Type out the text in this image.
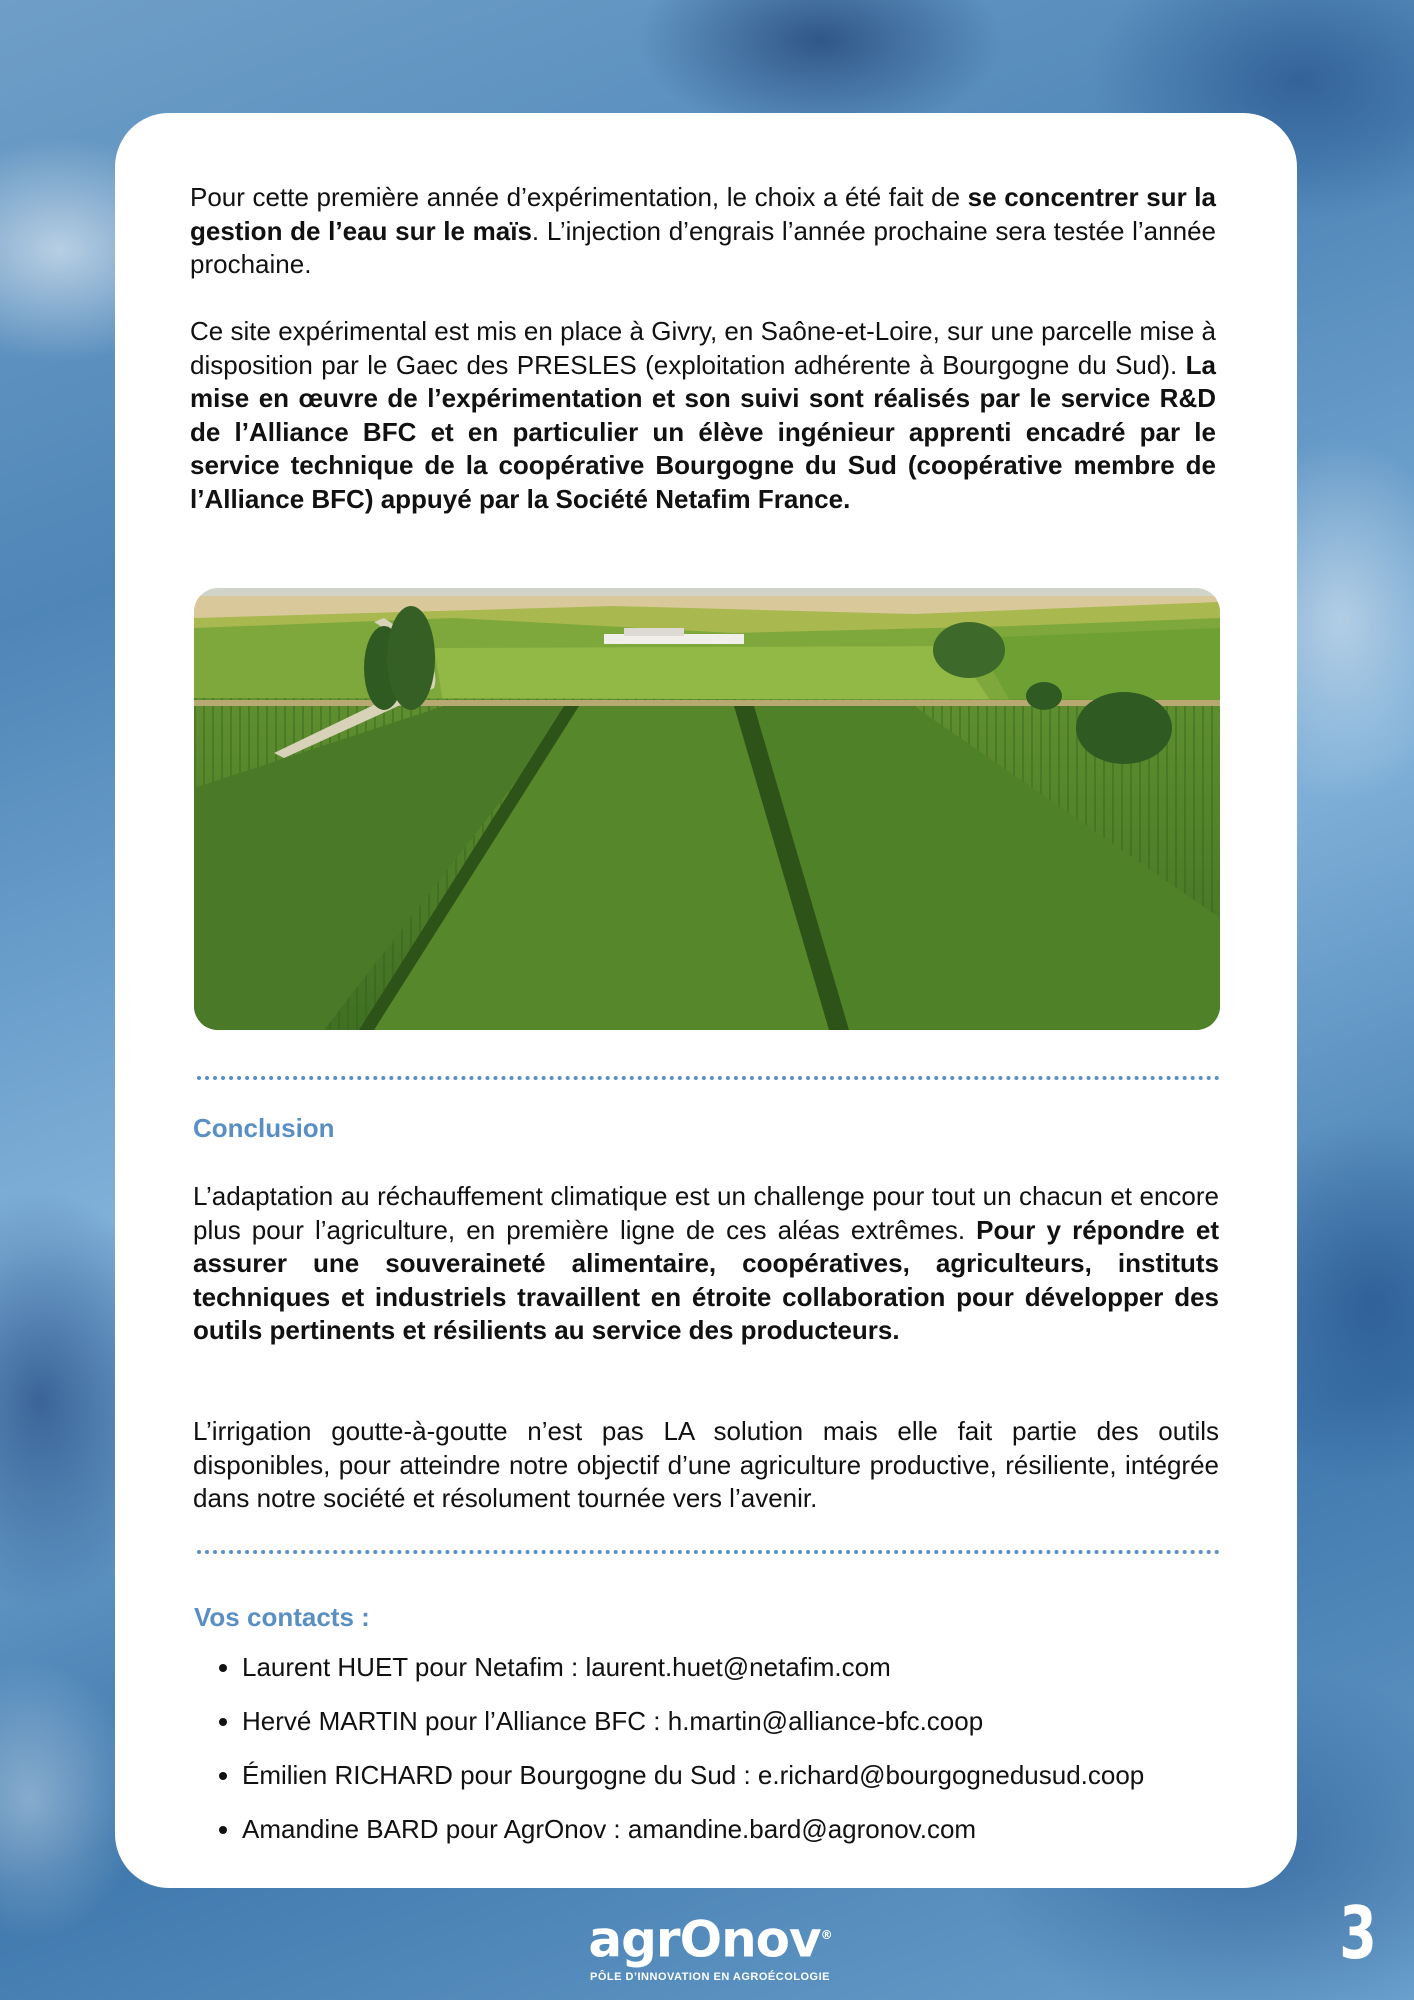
Pour cette première année d’expérimentation, le choix a été fait de se concentrer sur la gestion de l’eau sur le maïs. L’injection d’engrais l’année prochaine sera testée l’année prochaine.

Ce site expérimental est mis en place à Givry, en Saône-et-Loire, sur une parcelle mise à disposition par le Gaec des PRESLES (exploitation adhérente à Bourgogne du Sud). La mise en œuvre de l’expérimentation et son suivi sont réalisés par le service R&D de l’Alliance BFC et en particulier un élève ingénieur apprenti encadré par le service technique de la coopérative Bourgogne du Sud (coopérative membre de l’Alliance BFC) appuyé par la Société Netafim France.

Conclusion

L’adaptation au réchauffement climatique est un challenge pour tout un chacun et encore plus pour l’agriculture, en première ligne de ces aléas extrêmes. Pour y répondre et assurer une souveraineté alimentaire, coopératives, agriculteurs, instituts techniques et industriels travaillent en étroite collaboration pour développer des outils pertinents et résilients au service des producteurs.

L’irrigation goutte-à-goutte n’est pas LA solution mais elle fait partie des outils disponibles, pour atteindre notre objectif d’une agriculture productive, résiliente, intégrée dans notre société et résolument tournée vers l’avenir.

Vos contacts :
• Laurent HUET pour Netafim : laurent.huet@netafim.com
• Hervé MARTIN pour l’Alliance BFC : h.martin@alliance-bfc.coop
• Émilien RICHARD pour Bourgogne du Sud : e.richard@bourgognedusud.coop
• Amandine BARD pour AgrOnov : amandine.bard@agronov.com
agrOnov®
PÔLE D’INNOVATION EN AGROÉCOLOGIE
3
